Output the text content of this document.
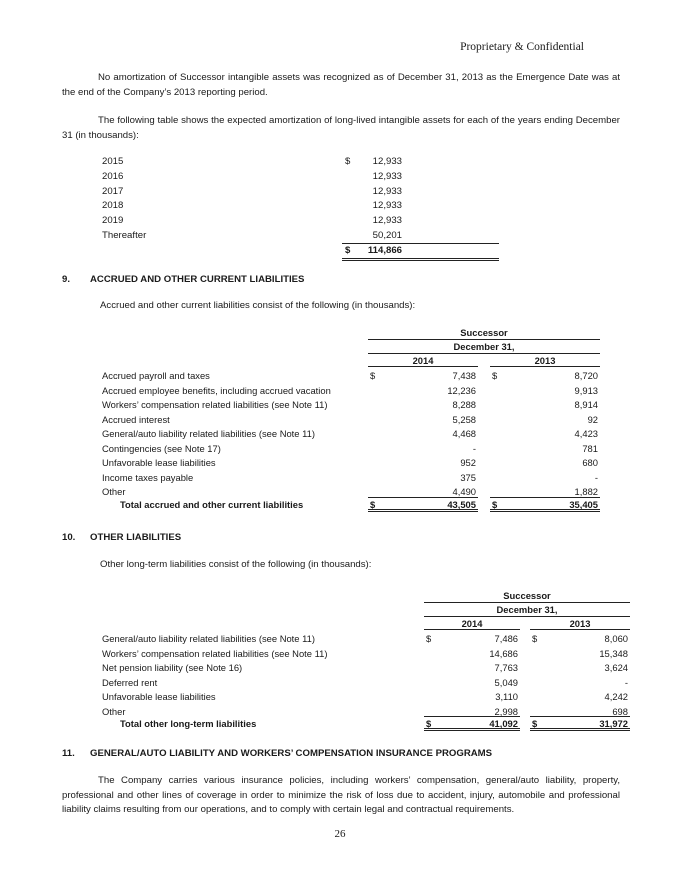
Proprietary & Confidential

No amortization of Successor intangible assets was recognized as of December 31, 2013 as the Emergence Date was at the end of the Company’s 2013 reporting period.

The following table shows the expected amortization of long-lived intangible assets for each of the years ending December 31 (in thousands):

2015	$ 12,933
2016	12,933
2017	12,933
2018	12,933
2019	12,933
Thereafter	50,201
$ 114,866
9. ACCRUED AND OTHER CURRENT LIABILITIES
Accrued and other current liabilities consist of the following (in thousands):
Successor
December 31,
2014	2013
Accrued payroll and taxes	$	7,438 $	8,720
Accrued employee benefits, including accrued vacation	12,236	9,913
Workers’ compensation related liabilities (see Note 11)	8,288	8,914
Accrued interest	5,258	92
General/auto liability related liabilities (see Note 11)	4,468	4,423
Contingencies (see Note 17)	-	781
Unfavorable lease liabilities	952	680
Income taxes payable	375	-
Other	4,490	1,882
Total accrued and other current liabilities	$	43,505 $	35,405
10. OTHER LIABILITIES
Other long-term liabilities consist of the following (in thousands):
Successor
December 31,
2014	2013
General/auto liability related liabilities (see Note 11)	$	7,486 $	8,060
Workers’ compensation related liabilities (see Note 11)	14,686	15,348
Net pension liability (see Note 16)	7,763	3,624
Deferred rent	5,049	-
Unfavorable lease liabilities	3,110	4,242
Other	2,998	698
Total other long-term liabilities	$	41,092 $	31,972
11. GENERAL/AUTO LIABILITY AND WORKERS’ COMPENSATION INSURANCE PROGRAMS

The Company carries various insurance policies, including workers’ compensation, general/auto liability, property, professional and other lines of coverage in order to minimize the risk of loss due to accident, injury, automobile and professional liability claims resulting from our operations, and to comply with certain legal and contractual requirements.

26
